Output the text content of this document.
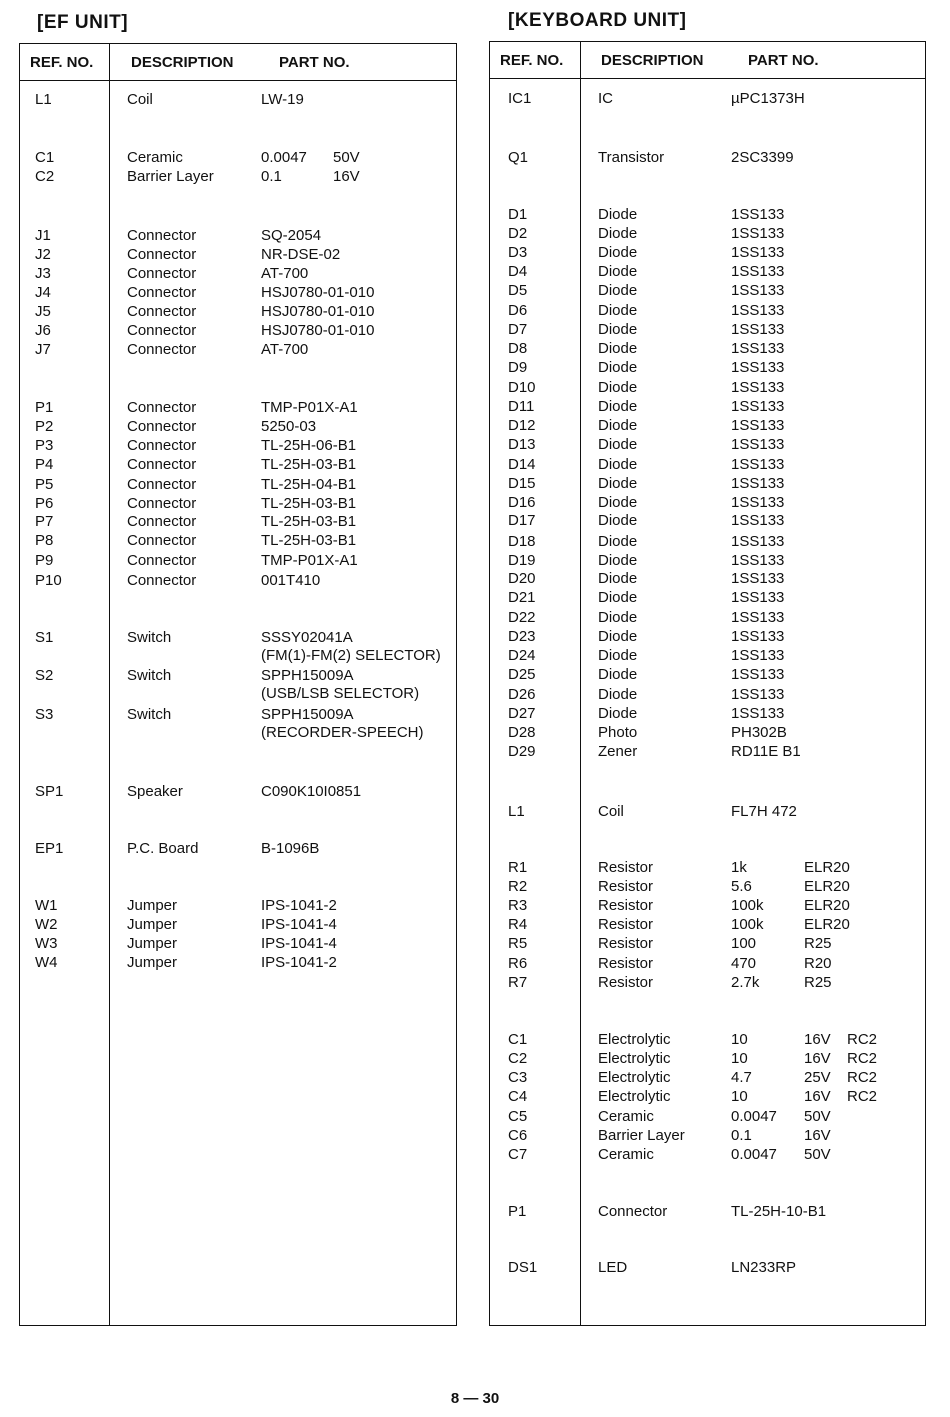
[EF UNIT]	[KEYBOARD UNIT]
REF. NO.	DESCRIPTION	PART NO.
L1	Coil	LW-19
C1	Ceramic	0.0047 50V
C2	Barrier Layer	0.1	16V
J1	Connector	SQ-2054
J2	Connector	NR-DSE-02
J3	Connector	AT-700
J4	Connector	HSJ0780-01-010
J5	Connector	HSJ0780-01-010
J6	Connector	HSJ0780-01-010
J7	Connector	AT-700
P1	Connector	TMP-P01X-A1
P2	Connector	5250-03
P3	Connector	TL-25H-06-B1
P4	Connector	TL-25H-03-B1
P5	Connector	TL-25H-04-B1
P6	Connector	TL-25H-03-B1
P7	Connector	TL-25H-03-B1
P8	Connector	TL-25H-03-B1
P9	Connector	TMP-P01X-A1
P10	Connector	001T410
S1	Switch	SSSY02041A
(FM(1)-FM(2) SELECTOR)
S2	Switch	SPPH15009A
(USB/LSB SELECTOR)
S3	Switch	SPPH15009A
(RECORDER-SPEECH)
SP1	Speaker	C090K10I0851
EP1	P.C. Board	B-1096B
W1	Jumper	IPS-1041-2
W2	Jumper	IPS-1041-4
W3	Jumper	IPS-1041-4
W4	Jumper	IPS-1041-2
REF. NO.	DESCRIPTION	PART NO.
IC1	IC	µPC1373H
Q1	Transistor	2SC3399
D1	Diode	1SS133
D2	Diode	1SS133
D3	Diode	1SS133
D4	Diode	1SS133
D5	Diode	1SS133
D6	Diode	1SS133
D7	Diode	1SS133
D8	Diode	1SS133
D9	Diode	1SS133
D10	Diode	1SS133
D11	Diode	1SS133
D12	Diode	1SS133
D13	Diode	1SS133
D14	Diode	1SS133
D15	Diode	1SS133
D16	Diode	1SS133
D17	Diode	1SS133
D18	Diode	1SS133
D19	Diode	1SS133
D20	Diode	1SS133
D21	Diode	1SS133
D22	Diode	1SS133
D23	Diode	1SS133
D24	Diode	1SS133
D25	Diode	1SS133
D26	Diode	1SS133
D27	Diode	1SS133
D28	Photo	PH302B
D29	Zener	RD11E B1
L1	Coil	FL7H 472
R1	Resistor	1k	ELR20
R2	Resistor	5.6	ELR20
R3	Resistor	100k	ELR20
R4	Resistor	100k	ELR20
R5	Resistor	100	R25
R6	Resistor	470	R20
R7	Resistor	2.7k	R25
C1	Electrolytic	10	16V RC2
C2	Electrolytic	10	16V RC2
C3	Electrolytic	4.7	25V RC2
C4	Electrolytic	10	16V RC2
C5	Ceramic	0.0047 50V
C6	Barrier Layer	0.1	16V
C7	Ceramic	0.0047 50V
P1	Connector	TL-25H-10-B1
DS1	LED	LN233RP
8 — 30
